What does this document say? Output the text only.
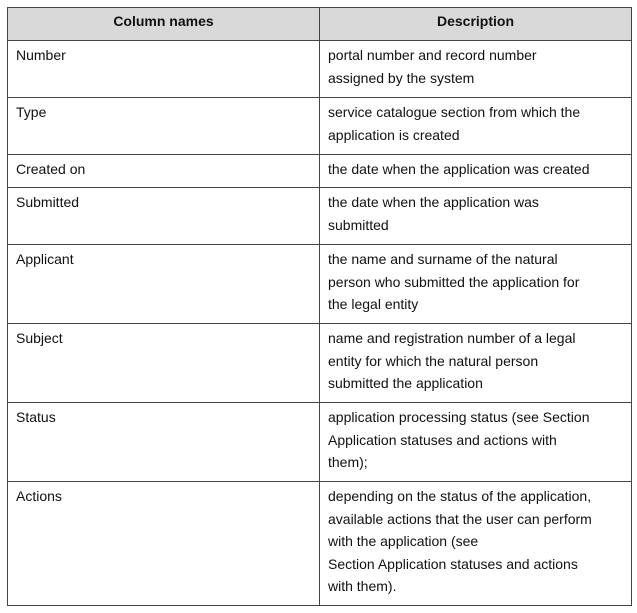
Column names	Description
Number	portal number and record number
assigned by the system

Type	service catalogue section from which the
application is created

Created on	the date when the application was created

Submitted	the date when the application was
submitted

Applicant	the name and surname of the natural
person who submitted the application for
the legal entity

Subject	name and registration number of a legal
entity for which the natural person
submitted the application

Status	application processing status (see Section
Application statuses and actions with
them);

Actions	depending on the status of the application,
available actions that the user can perform
with the application (see
Section Application statuses and actions
with them).
